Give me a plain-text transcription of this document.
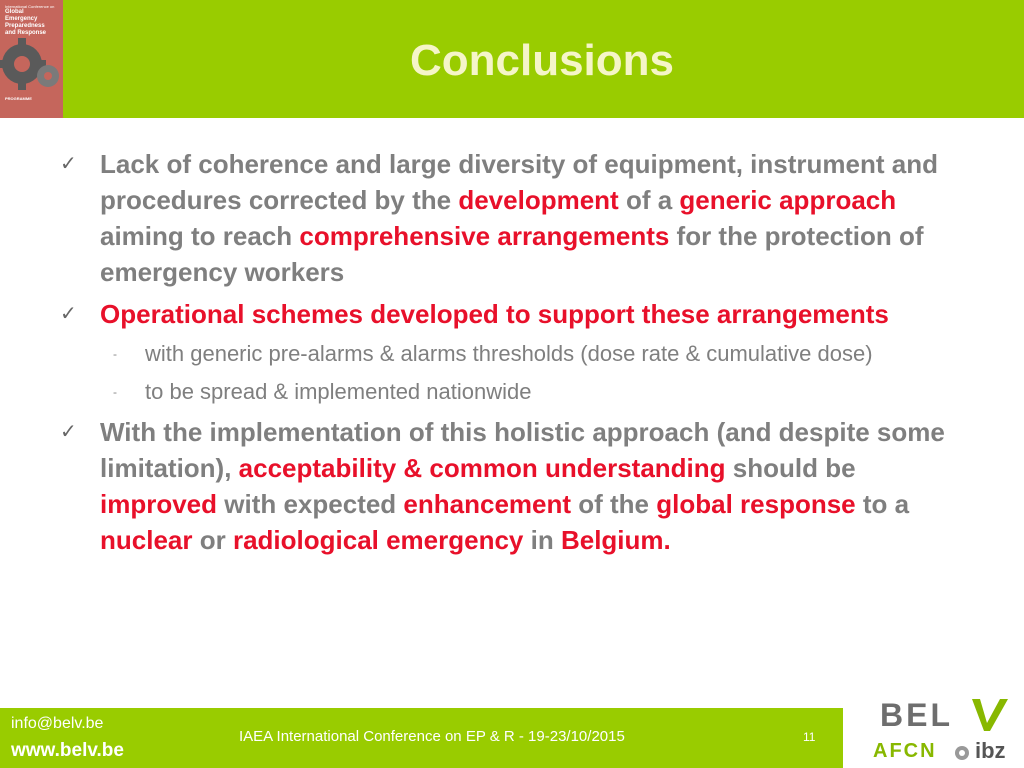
International Conference on
Global
Emergency
Preparedness
and Response
PROGRAMME
Conclusions
✓ Lack of coherence and large diversity of equipment, instrument and procedures corrected by the development of a generic approach aiming to reach comprehensive arrangements for the protection of emergency workers
✓ Operational schemes developed to support these arrangements
- with generic pre-alarms & alarms thresholds (dose rate & cumulative dose)
- to be spread & implemented nationwide
✓ With the implementation of this holistic approach (and despite some limitation), acceptability & common understanding should be improved with expected enhancement of the global response to a nuclear or radiological emergency in Belgium.
info@belv.be
www.belv.be
IAEA International Conference on EP & R - 19-23/10/2015	11
BEL
AFCN ibz
